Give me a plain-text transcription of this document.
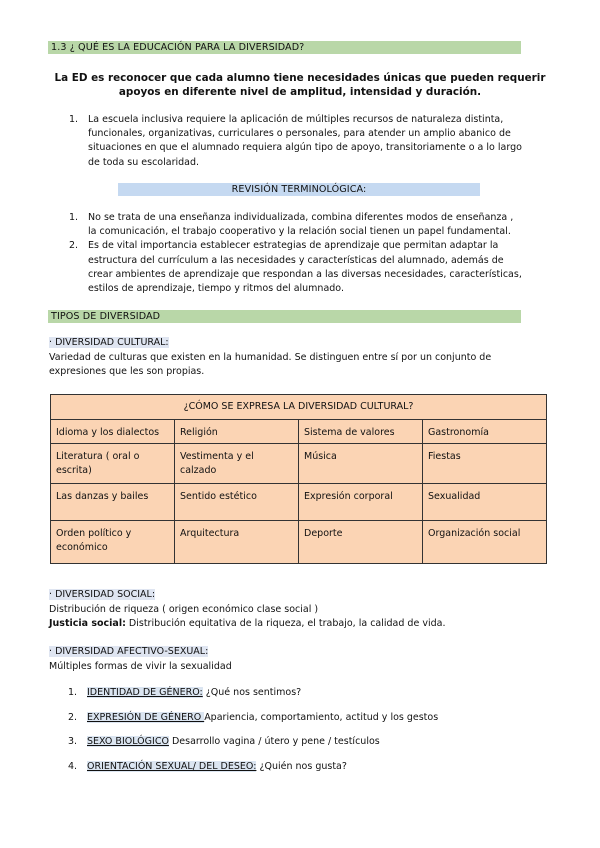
1.3 ¿ QUÉ ES LA EDUCACIÓN PARA LA DIVERSIDAD?
La ED es reconocer que cada alumno tiene necesidades únicas que pueden requerir
apoyos en diferente nivel de amplitud, intensidad y duración.
1. La escuela inclusiva requiere la aplicación de múltiples recursos de naturaleza distinta,
funcionales, organizativas, curriculares o personales, para atender un amplio abanico de
situaciones en que el alumnado requiera algún tipo de apoyo, transitoriamente o a lo largo
de toda su escolaridad.
REVISIÓN TERMINOLÓGICA:
1. No se trata de una enseñanza individualizada, combina diferentes modos de enseñanza ,
la comunicación, el trabajo cooperativo y la relación social tienen un papel fundamental.
2. Es de vital importancia establecer estrategias de aprendizaje que permitan adaptar la
estructura del currículum a las necesidades y características del alumnado, además de
crear ambientes de aprendizaje que respondan a las diversas necesidades, características,
estilos de aprendizaje, tiempo y ritmos del alumnado.
TIPOS DE DIVERSIDAD
· DIVERSIDAD CULTURAL:
Variedad de culturas que existen en la humanidad. Se distinguen entre sí por un conjunto de
expresiones que les son propias.
¿CÓMO SE EXPRESA LA DIVERSIDAD CULTURAL?			
Idioma y los dialectos	Religión	Sistema de valores	Gastronomía
Literatura ( oral o escrita)	Vestimenta y el calzado	Música	Fiestas
Las danzas y bailes	Sentido estético	Expresión corporal	Sexualidad
Orden político y económico	Arquitectura	Deporte	Organización social
· DIVERSIDAD SOCIAL:
Distribución de riqueza ( origen económico clase social )
Justicia social: Distribución equitativa de la riqueza, el trabajo, la calidad de vida.
· DIVERSIDAD AFECTIVO-SEXUAL:
Múltiples formas de vivir la sexualidad
1. IDENTIDAD DE GÉNERO: ¿Qué nos sentimos?
2. EXPRESIÓN DE GÉNERO Apariencia, comportamiento, actitud y los gestos
3. SEXO BIOLÓGICO Desarrollo vagina / útero y pene / testículos
4. ORIENTACIÓN SEXUAL/ DEL DESEO: ¿Quién nos gusta?
